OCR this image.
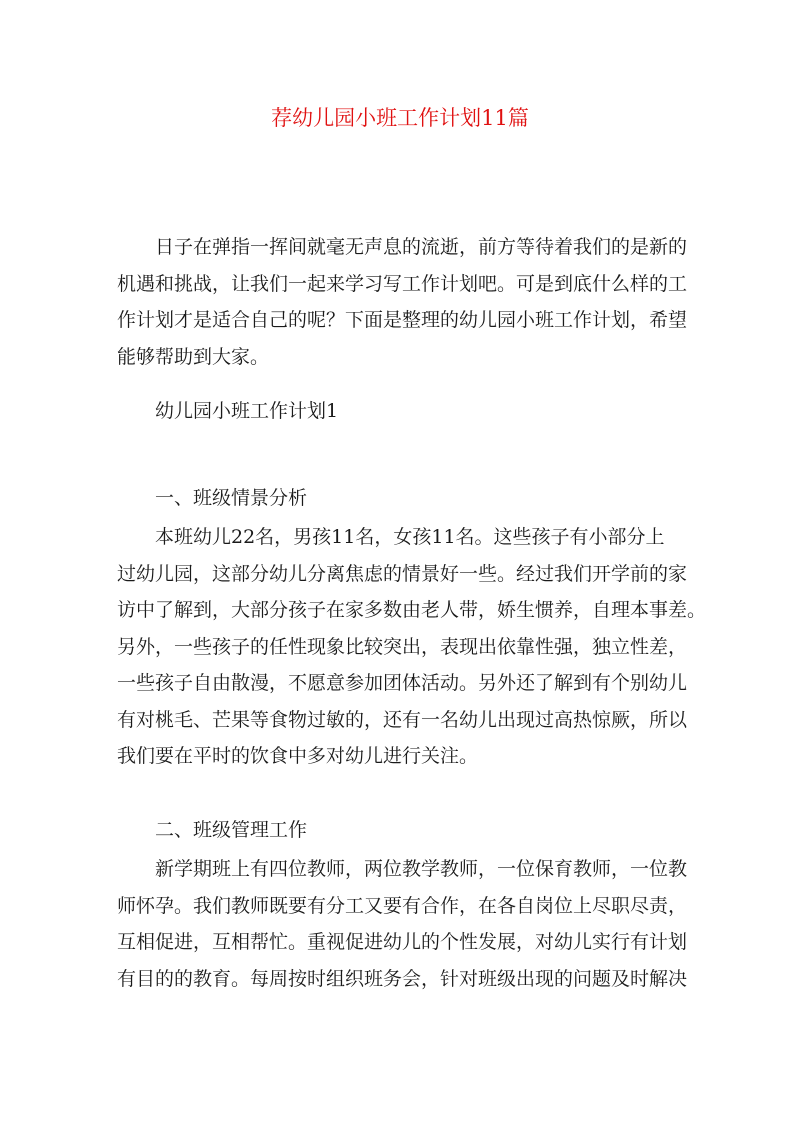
荐幼儿园小班工作计划11篇
日子在弹指一挥间就毫无声息的流逝，前方等待着我们的是新的
机遇和挑战，让我们一起来学习写工作计划吧。可是到底什么样的工
作计划才是适合自己的呢？下面是整理的幼儿园小班工作计划，希望
能够帮助到大家。
幼儿园小班工作计划1
一、班级情景分析
本班幼儿22名，男孩11名，女孩11名。这些孩子有小部分上
过幼儿园，这部分幼儿分离焦虑的情景好一些。经过我们开学前的家
访中了解到，大部分孩子在家多数由老人带，娇生惯养，自理本事差。
另外，一些孩子的任性现象比较突出，表现出依靠性强，独立性差，
一些孩子自由散漫，不愿意参加团体活动。另外还了解到有个别幼儿
有对桃毛、芒果等食物过敏的，还有一名幼儿出现过高热惊厥，所以
我们要在平时的饮食中多对幼儿进行关注。
二、班级管理工作
新学期班上有四位教师，两位教学教师，一位保育教师，一位教
师怀孕。我们教师既要有分工又要有合作，在各自岗位上尽职尽责，
互相促进，互相帮忙。重视促进幼儿的个性发展，对幼儿实行有计划
有目的的教育。每周按时组织班务会，针对班级出现的问题及时解决
